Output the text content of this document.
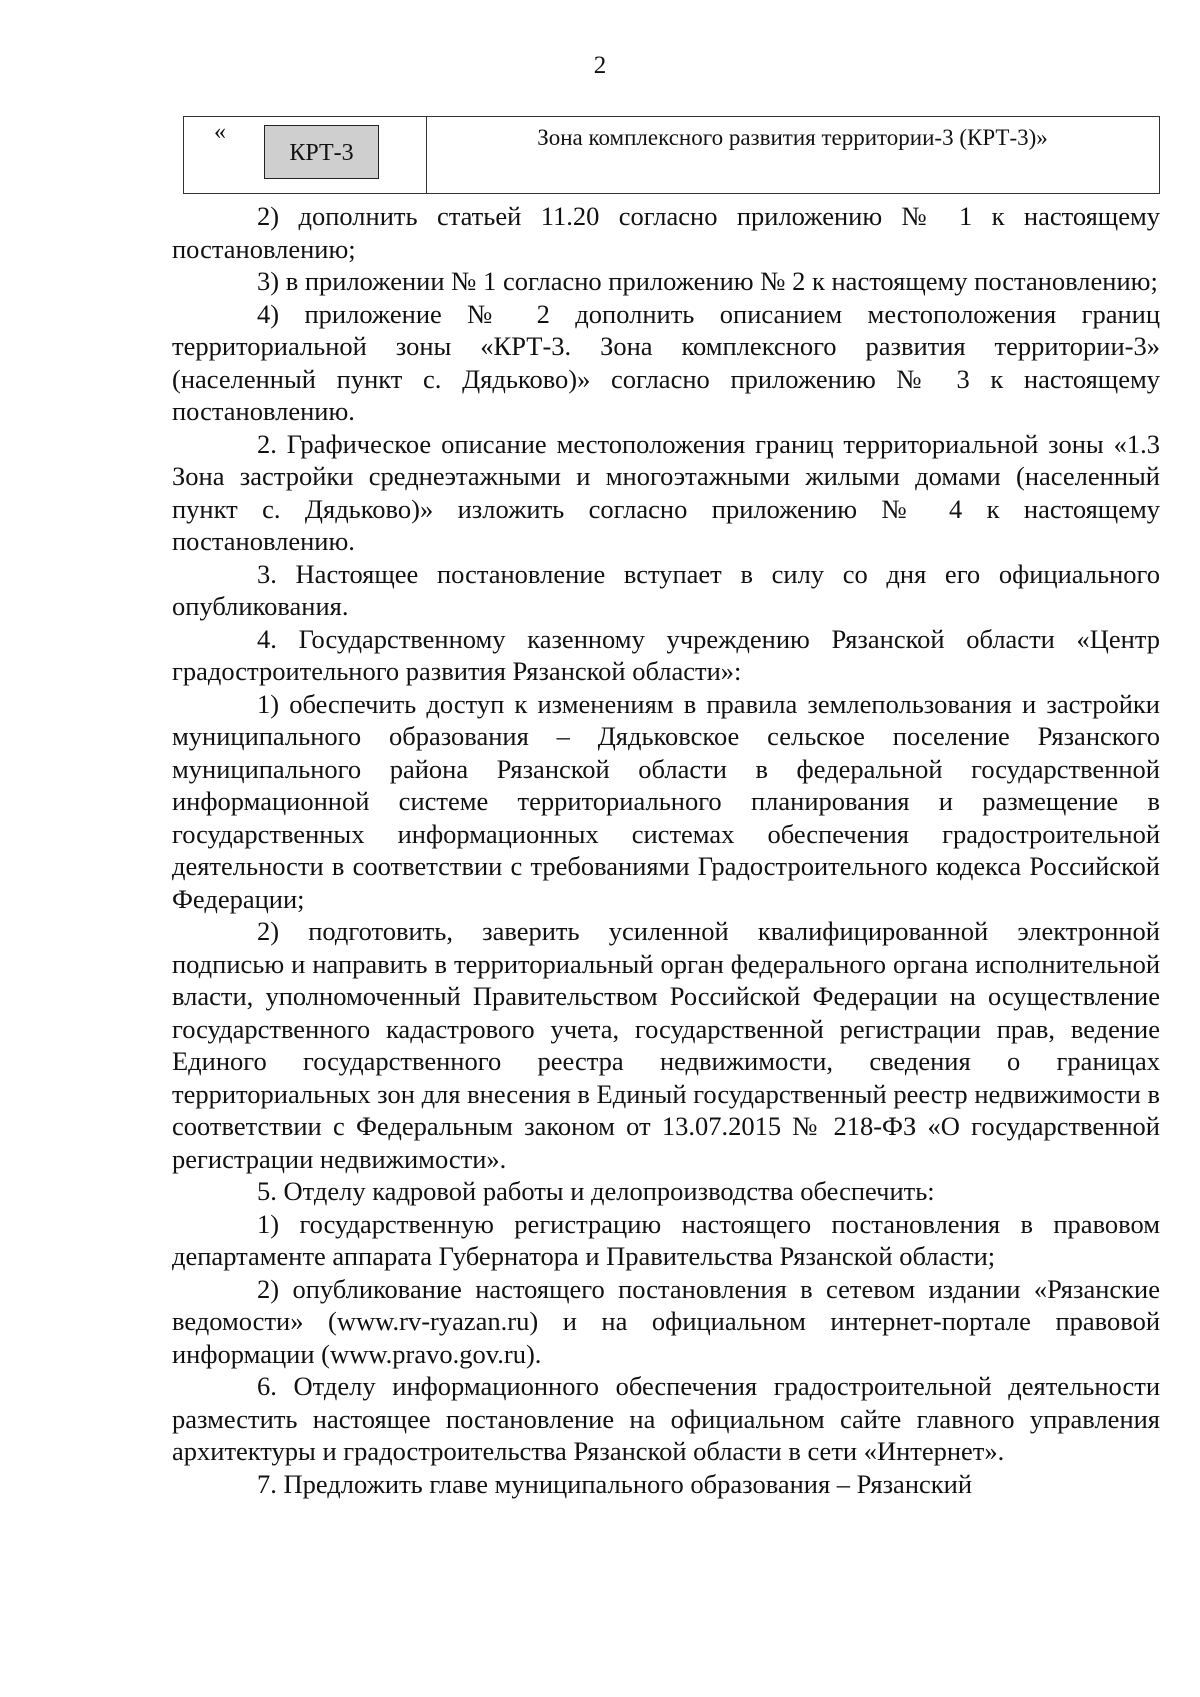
2
«
КРТ-3
Зона комплексного развития территории-3 (КРТ-3)»

2) дополнить статьей 11.20 согласно приложению № 1 к настоящему постановлению;

3) в приложении № 1 согласно приложению № 2 к настоящему постановлению;

4) приложение № 2 дополнить описанием местоположения границ территориальной зоны «КРТ-3. Зона комплексного развития территории-3» (населенный пункт с. Дядьково)» согласно приложению № 3 к настоящему постановлению.

2. Графическое описание местоположения границ территориальной зоны «1.3 Зона застройки среднеэтажными и многоэтажными жилыми домами (населенный пункт с. Дядьково)» изложить согласно приложению № 4 к настоящему постановлению.

3. Настоящее постановление вступает в силу со дня его официального опубликования.

4. Государственному казенному учреждению Рязанской области «Центр градостроительного развития Рязанской области»:

1) обеспечить доступ к изменениям в правила землепользования и застройки муниципального образования – Дядьковское сельское поселение Рязанского муниципального района Рязанской области в федеральной государственной информационной системе территориального планирования и размещение в государственных информационных системах обеспечения градостроительной деятельности в соответствии с требованиями Градостроительного кодекса Российской Федерации;

2) подготовить, заверить усиленной квалифицированной электронной подписью и направить в территориальный орган федерального органа исполнительной власти, уполномоченный Правительством Российской Федерации на осуществление государственного кадастрового учета, государственной регистрации прав, ведение Единого государственного реестра недвижимости, сведения о границах территориальных зон для внесения в Единый государственный реестр недвижимости в соответствии с Федеральным законом от 13.07.2015 № 218-ФЗ «О государственной регистрации недвижимости».

5. Отделу кадровой работы и делопроизводства обеспечить:

1) государственную регистрацию настоящего постановления в правовом департаменте аппарата Губернатора и Правительства Рязанской области;

2) опубликование настоящего постановления в сетевом издании «Рязанские ведомости» (www.rv-ryazan.ru) и на официальном интернет-портале правовой информации (www.pravo.gov.ru).

6. Отделу информационного обеспечения градостроительной деятельности разместить настоящее постановление на официальном сайте главного управления архитектуры и градостроительства Рязанской области в сети «Интернет».

7. Предложить главе муниципального образования – Рязанский
